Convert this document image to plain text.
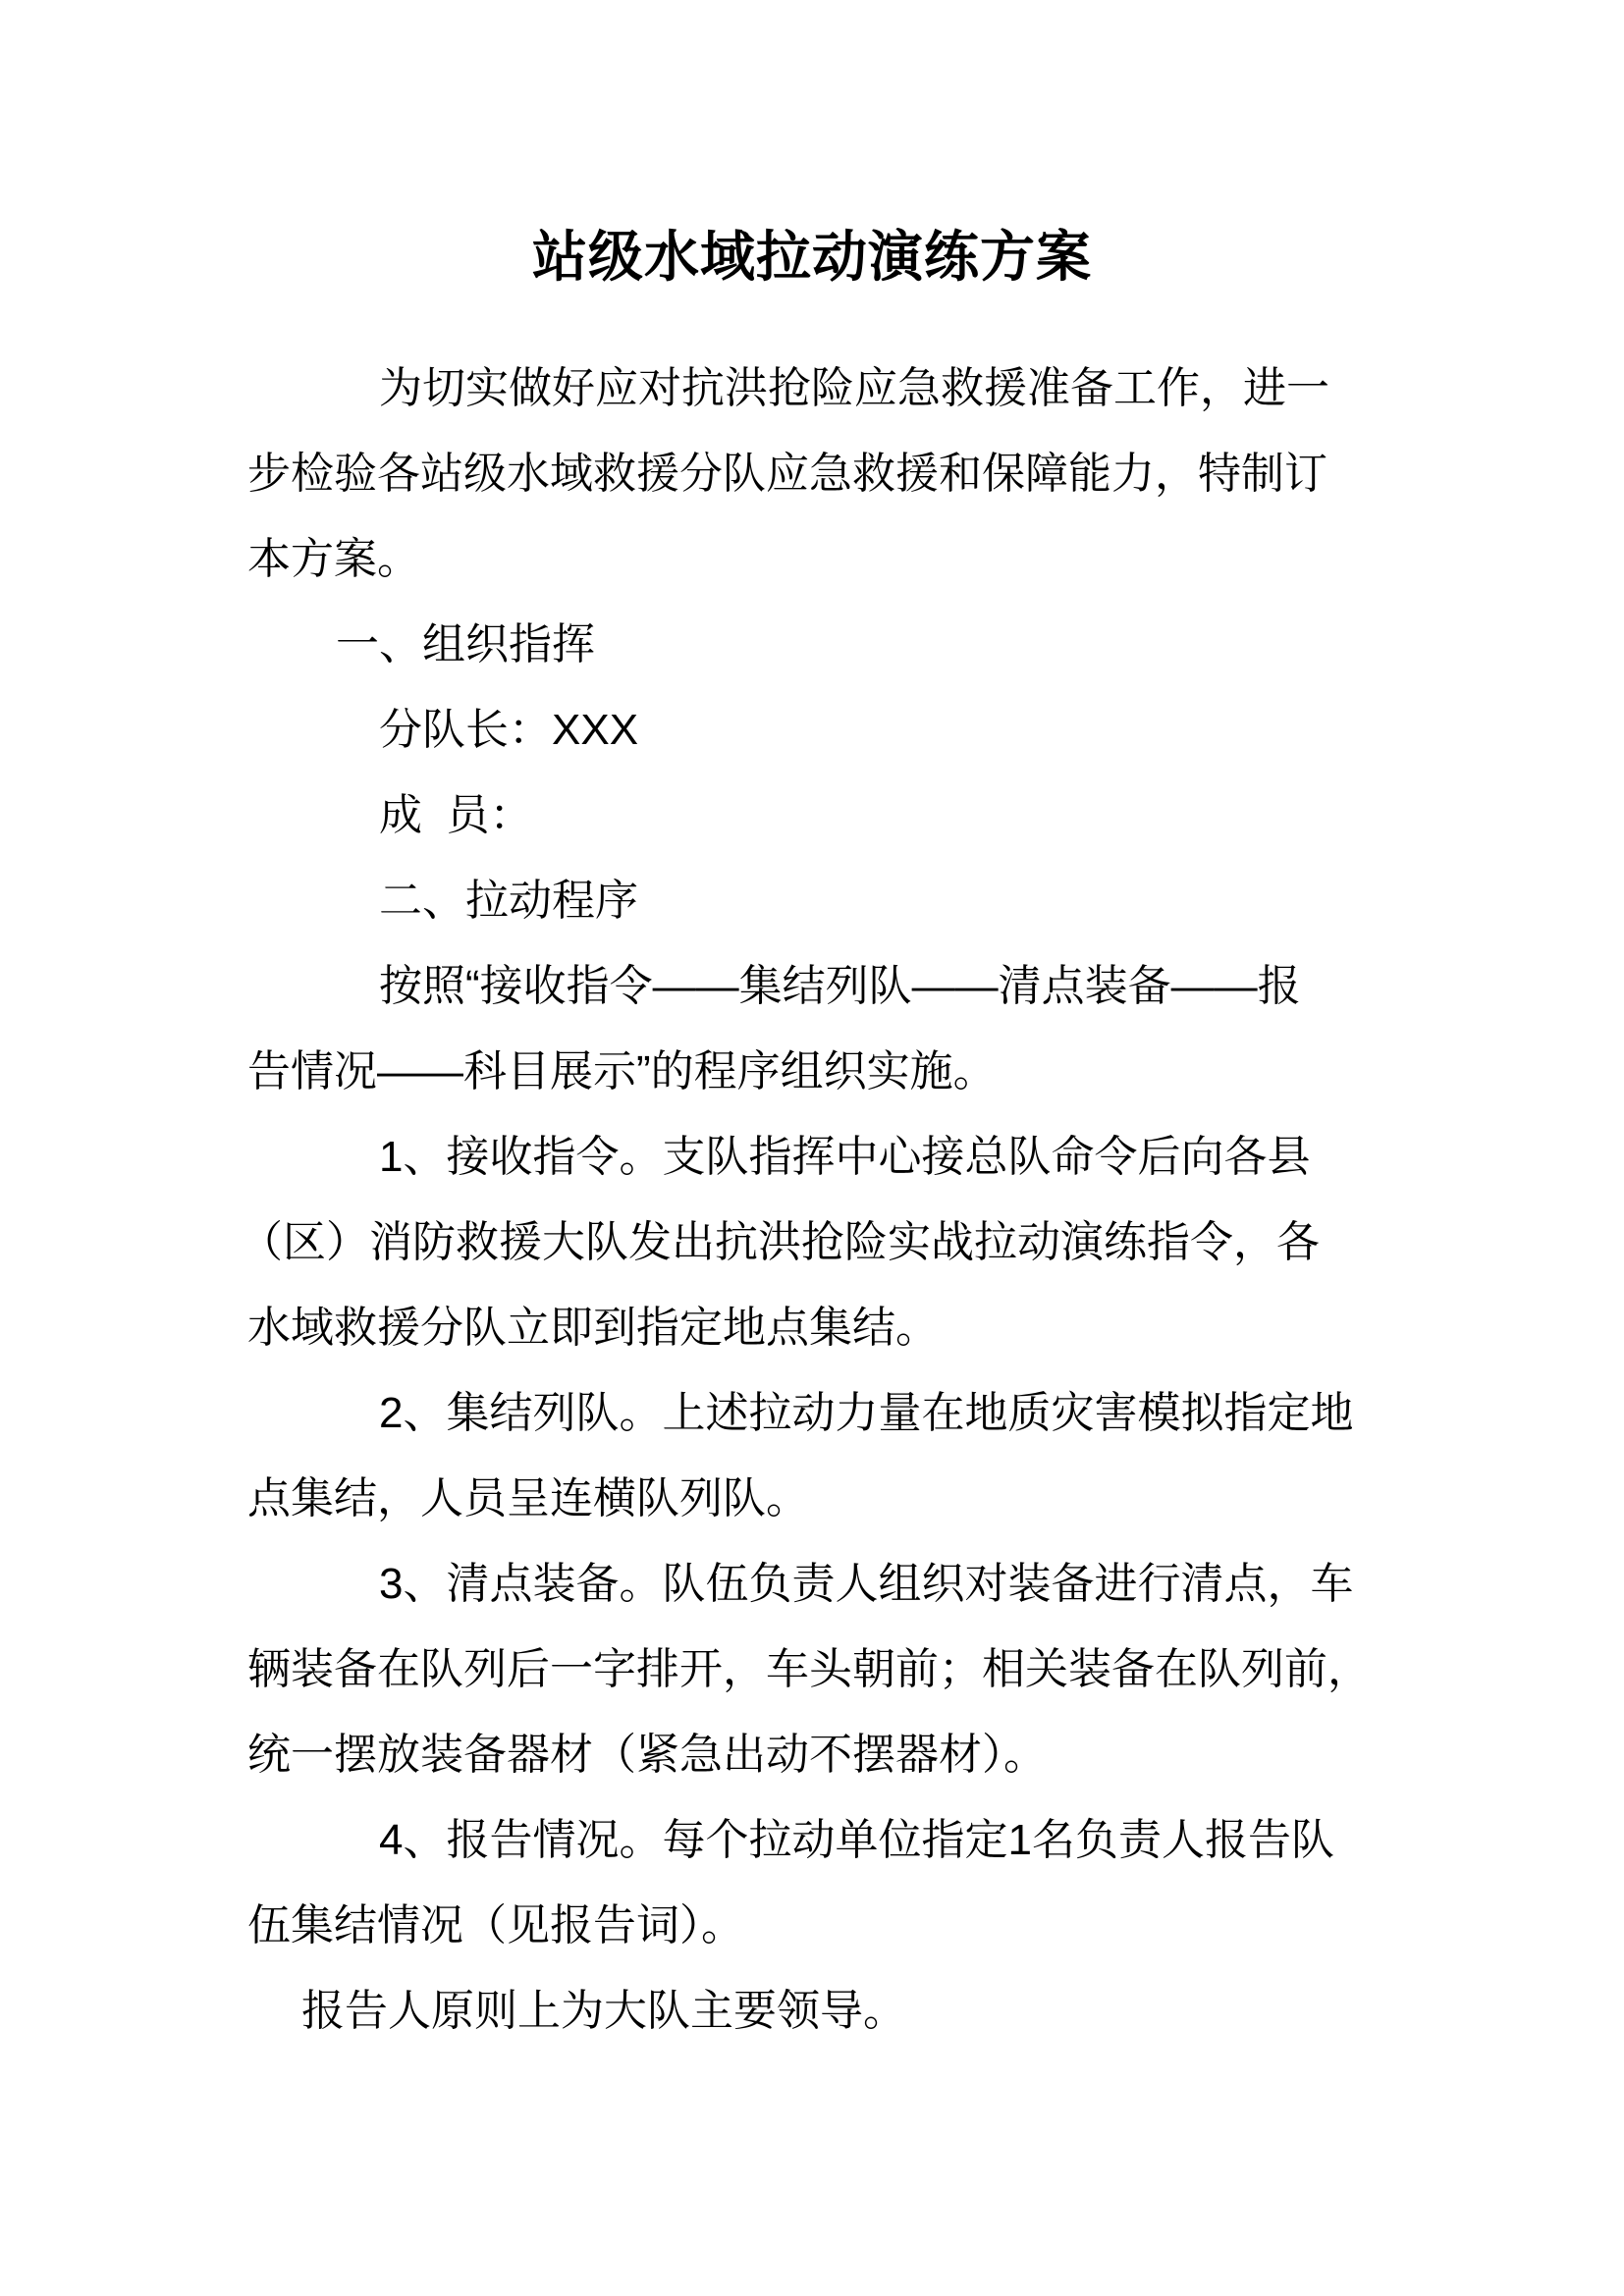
站级水域拉动演练方案
为切实做好应对抗洪抢险应急救援准备工作，进一
步检验各站级水域救援分队应急救援和保障能力，特制订
本方案。
一、组织指挥
分队长：XXX
成  员：
二、拉动程序
按照“接收指令——集结列队——清点装备——报
告情况——科目展示”的程序组织实施。
1、接收指令。支队指挥中心接总队命令后向各县
（区）消防救援大队发出抗洪抢险实战拉动演练指令，各
水域救援分队立即到指定地点集结。
2、集结列队。上述拉动力量在地质灾害模拟指定地
点集结，人员呈连横队列队。
3、清点装备。队伍负责人组织对装备进行清点，车
辆装备在队列后一字排开，车头朝前；相关装备在队列前，
统一摆放装备器材（紧急出动不摆器材）。
4、报告情况。每个拉动单位指定1名负责人报告队
伍集结情况（见报告词）。
报告人原则上为大队主要领导。
